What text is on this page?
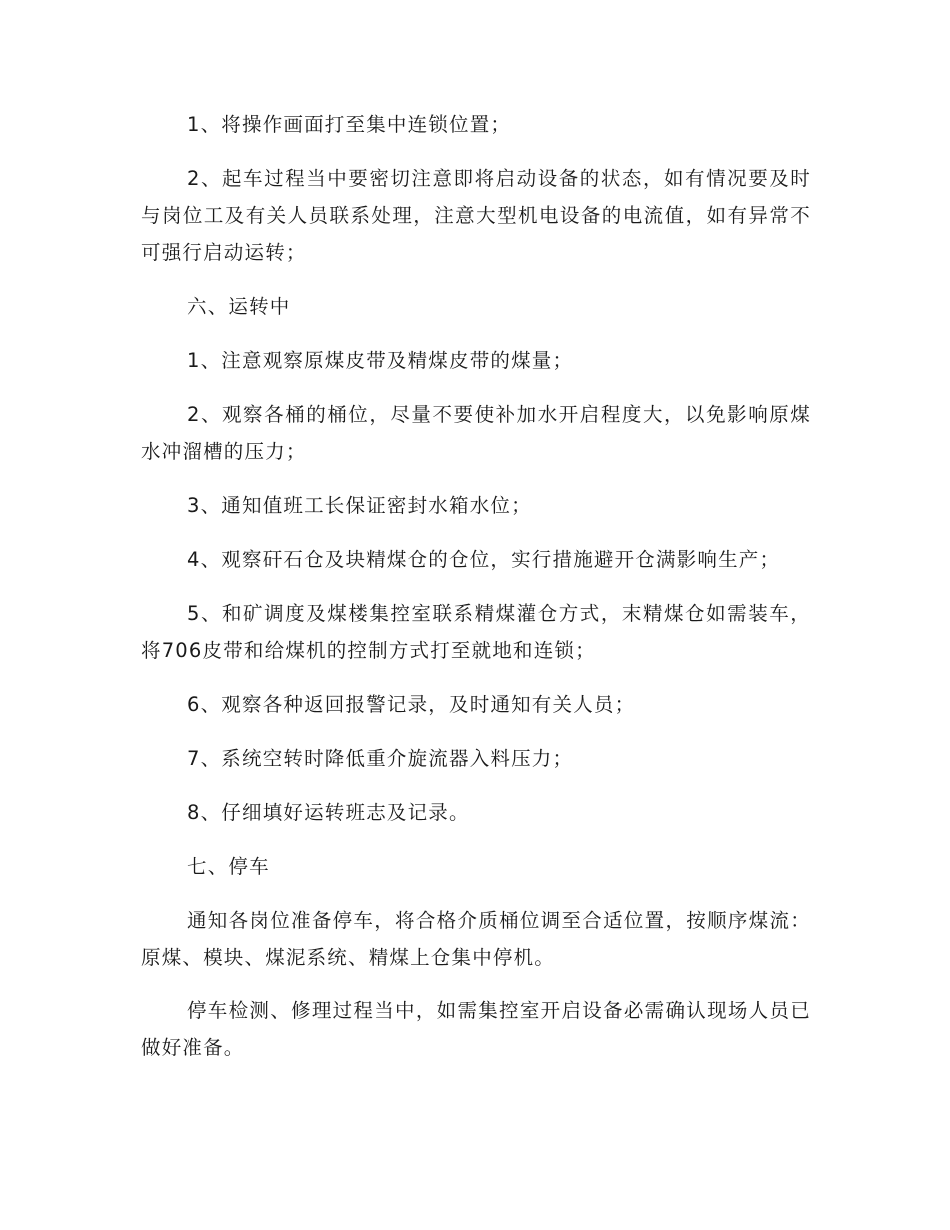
1、将操作画面打至集中连锁位置；

2、起车过程当中要密切注意即将启动设备的状态，如有情况要及时与岗位工及有关人员联系处理，注意大型机电设备的电流值，如有异常不可强行启动运转；

六、运转中

1、注意观察原煤皮带及精煤皮带的煤量；

2、观察各桶的桶位，尽量不要使补加水开启程度大，以免影响原煤水冲溜槽的压力；

3、通知值班工长保证密封水箱水位；

4、观察矸石仓及块精煤仓的仓位，实行措施避开仓满影响生产；

5、和矿调度及煤楼集控室联系精煤灌仓方式，末精煤仓如需装车，将706皮带和给煤机的控制方式打至就地和连锁；

6、观察各种返回报警记录，及时通知有关人员；

7、系统空转时降低重介旋流器入料压力；

8、仔细填好运转班志及记录。

七、停车

通知各岗位准备停车，将合格介质桶位调至合适位置，按顺序煤流：原煤、模块、煤泥系统、精煤上仓集中停机。

停车检测、修理过程当中，如需集控室开启设备必需确认现场人员已做好准备。
